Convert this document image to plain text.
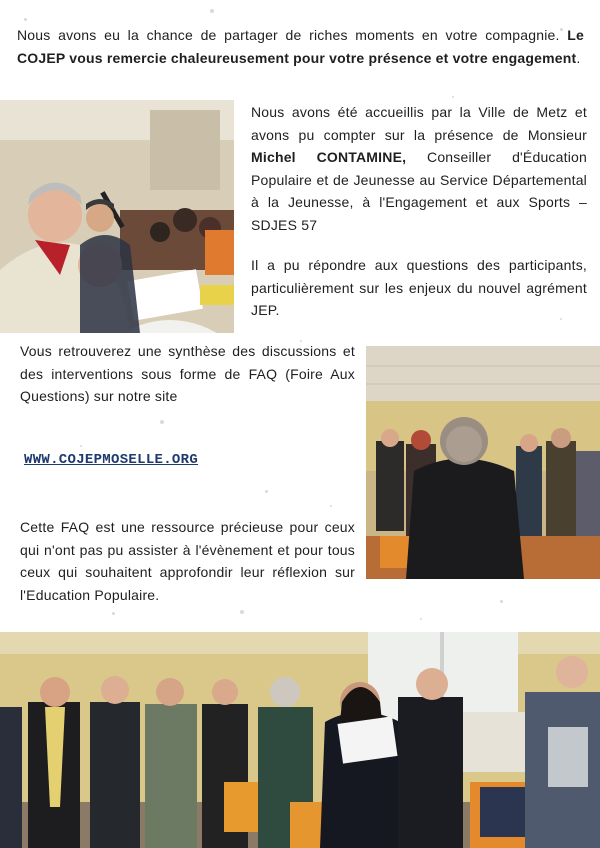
Nous avons eu la chance de partager de riches moments en votre compagnie. Le COJEP vous remercie chaleureusement pour votre présence et votre engagement.
Nous avons été accueillis par la Ville de Metz et avons pu compter sur la présence de Monsieur Michel CONTAMINE, Conseiller d'Éducation Populaire et de Jeunesse au Service Départemental à la Jeunesse, à l'Engagement et aux Sports – SDJES 57
Il a pu répondre aux questions des participants, particulièrement sur les enjeux du nouvel agrément JEP.
Vous retrouverez une synthèse des discussions et des interventions sous forme de FAQ (Foire Aux Questions) sur notre site
WWW.COJEPMOSELLE.ORG
Cette FAQ est une ressource précieuse pour ceux qui n'ont pas pu assister à l'évènement et pour tous ceux qui souhaitent approfondir leur réflexion sur l'Education Populaire.
